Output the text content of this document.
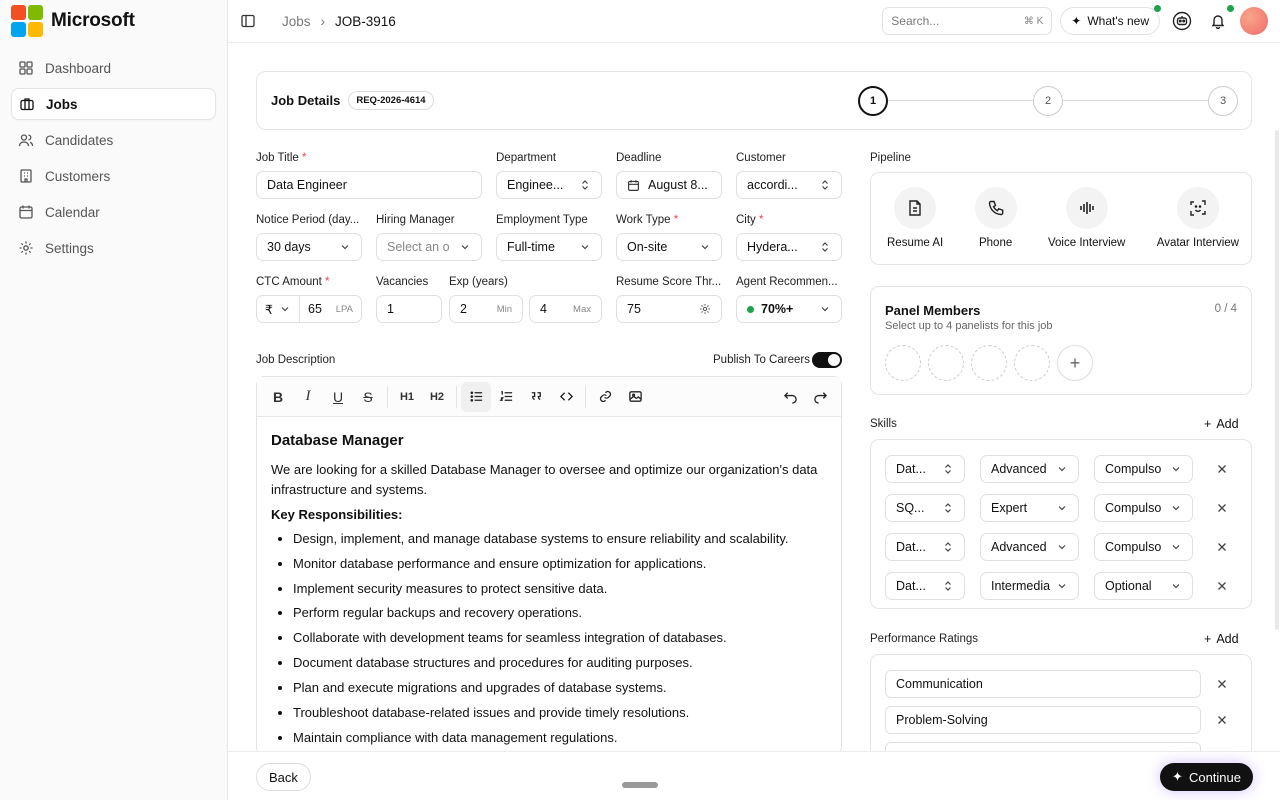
Microsoft
Dashboard
Jobs
Candidates
Customers
Calendar
Settings
Jobs › JOB-3916	Search...	⌘ K ✦ What's new
Job Details	REQ-2026-4614	1	2	3
Job Title *
Data Engineer
Department
Enginee...
Deadline
August 8...
Customer
accordi...
Notice Period (day...
30 days
Hiring Manager
Select an o
Employment Type
Full-time
Work Type *
On-site
City *
Hydera...
CTC Amount *
₹	65 LPA
Vacancies
1
Exp (years)
2	Min 4	Max
Resume Score Thr...
75
Agent Recommen...
70%+
Job Description	Publish To Careers
B I U S H1 H2
Database Manager

We are looking for a skilled Database Manager to oversee and optimize our organization's data infrastructure and systems.

Key Responsibilities:

• Design, implement, and manage database systems to ensure reliability and scalability.
• Monitor database performance and ensure optimization for applications.
• Implement security measures to protect sensitive data.
• Perform regular backups and recovery operations.
• Collaborate with development teams for seamless integration of databases.
• Document database structures and procedures for auditing purposes.
• Plan and execute migrations and upgrades of database systems.
• Troubleshoot database-related issues and provide timely resolutions.
• Maintain compliance with data management regulations.
•
Pipeline
Resume AI	Phone	Voice Interview	Avatar Interview
Panel Members
Select up to 4 panelists for this job
0 / 4
+
Skills	+ Add
Dat...	Advanced	Compulso
SQ...	Expert	Compulso
Dat...	Advanced	Compulso
Dat...	Intermedia	Optional
Performance Ratings	+ Add
Communication
Problem-Solving
Back	✦ Continue
